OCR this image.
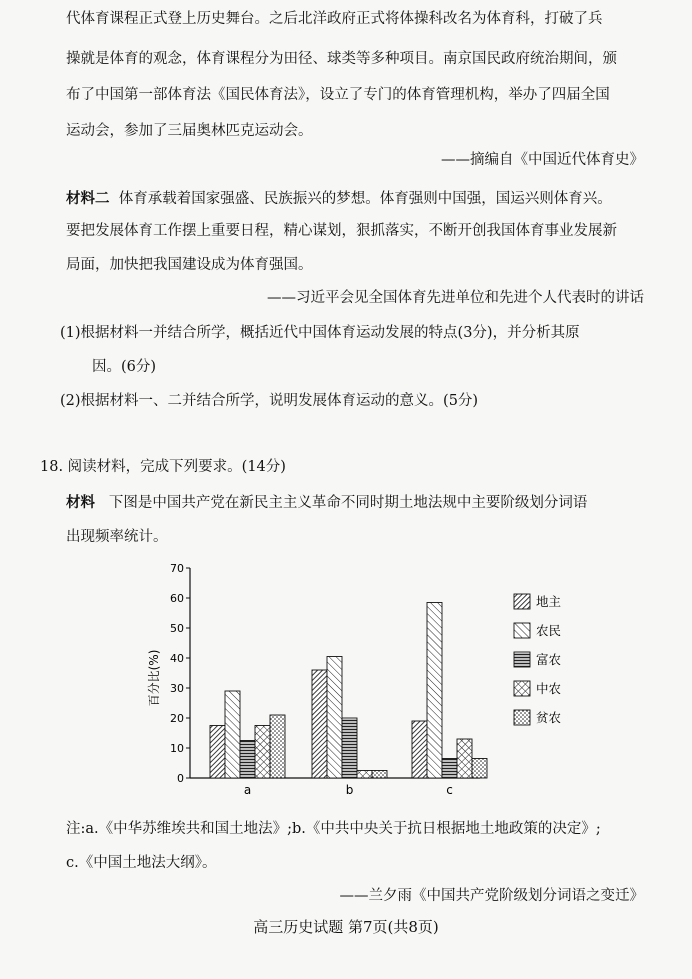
代体育课程正式登上历史舞台。之后北洋政府正式将体操科改名为体育科，打破了兵

操就是体育的观念，体育课程分为田径、球类等多种项目。南京国民政府统治期间，颁

布了中国第一部体育法《国民体育法》，设立了专门的体育管理机构，举办了四届全国

运动会，参加了三届奥林匹克运动会。

——摘编自《中国近代体育史》

材料二 体育承载着国家强盛、民族振兴的梦想。体育强则中国强，国运兴则体育兴。

要把发展体育工作摆上重要日程，精心谋划，狠抓落实，不断开创我国体育事业发展新

局面，加快把我国建设成为体育强国。

——习近平会见全国体育先进单位和先进个人代表时的讲话

(1)根据材料一并结合所学，概括近代中国体育运动发展的特点(3分)，并分析其原

因。(6分)

(2)根据材料一、二并结合所学，说明发展体育运动的意义。(5分)

18. 阅读材料，完成下列要求。(14分)

材料 下图是中国共产党在新民主主义革命不同时期土地法规中主要阶级划分词语

出现频率统计。

0
10
20
30
40
50
60
70
a	b	c
地主
农民
富农
中农
贫农
百分比(%)

注:a.《中华苏维埃共和国土地法》;b.《中共中央关于抗日根据地土地政策的决定》;

c.《中国土地法大纲》。

——兰夕雨《中国共产党阶级划分词语之变迁》

高三历史试题 第7页(共8页)
